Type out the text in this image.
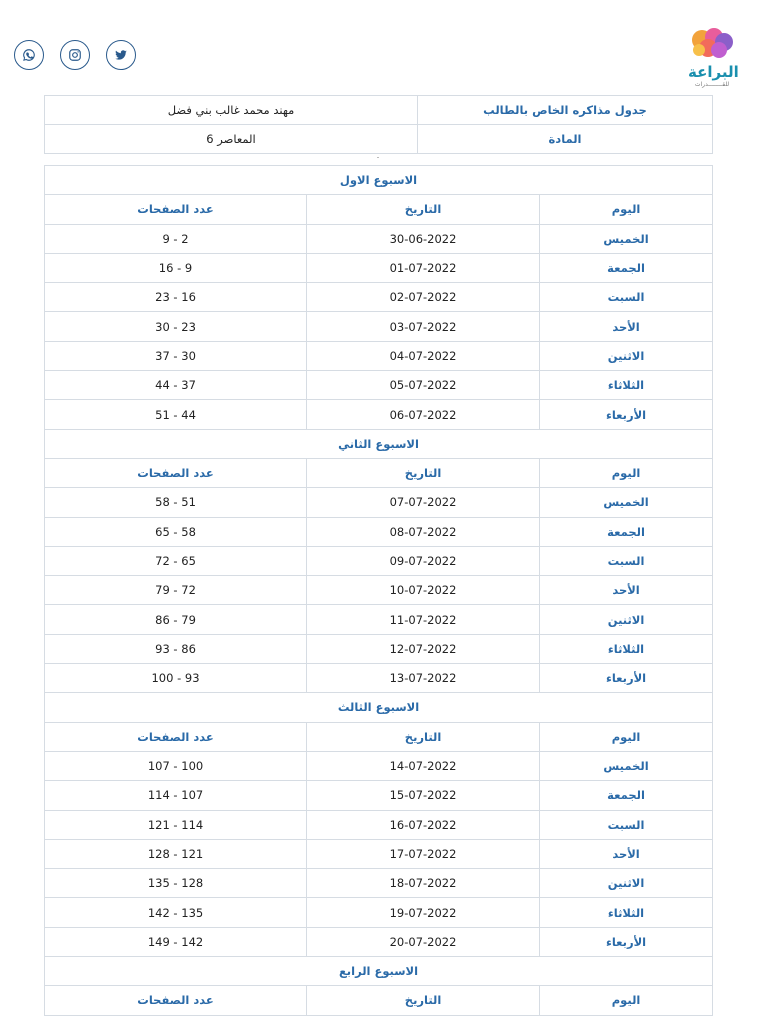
البراعة
للقــــــــدرات
جدول مذاكره الخاص بالطالب	مهند محمد غالب بني فضل
المادة	المعاصر 6
الاسبوع الاول		
اليوم	التاريخ	عدد الصفحات
الخميس	30-06-2022	2 - 9
الجمعة	01-07-2022	9 - 16
السبت	02-07-2022	16 - 23
الأحد	03-07-2022	23 - 30
الاثنين	04-07-2022	30 - 37
الثلاثاء	05-07-2022	37 - 44
الأربعاء	06-07-2022	44 - 51
الاسبوع الثاني		
اليوم	التاريخ	عدد الصفحات
الخميس	07-07-2022	51 - 58
الجمعة	08-07-2022	58 - 65
السبت	09-07-2022	65 - 72
الأحد	10-07-2022	72 - 79
الاثنين	11-07-2022	79 - 86
الثلاثاء	12-07-2022	86 - 93
الأربعاء	13-07-2022	93 - 100
الاسبوع الثالث		
اليوم	التاريخ	عدد الصفحات
الخميس	14-07-2022	100 - 107
الجمعة	15-07-2022	107 - 114
السبت	16-07-2022	114 - 121
الأحد	17-07-2022	121 - 128
الاثنين	18-07-2022	128 - 135
الثلاثاء	19-07-2022	135 - 142
الأربعاء	20-07-2022	142 - 149
الاسبوع الرابع		
اليوم	التاريخ	عدد الصفحات
